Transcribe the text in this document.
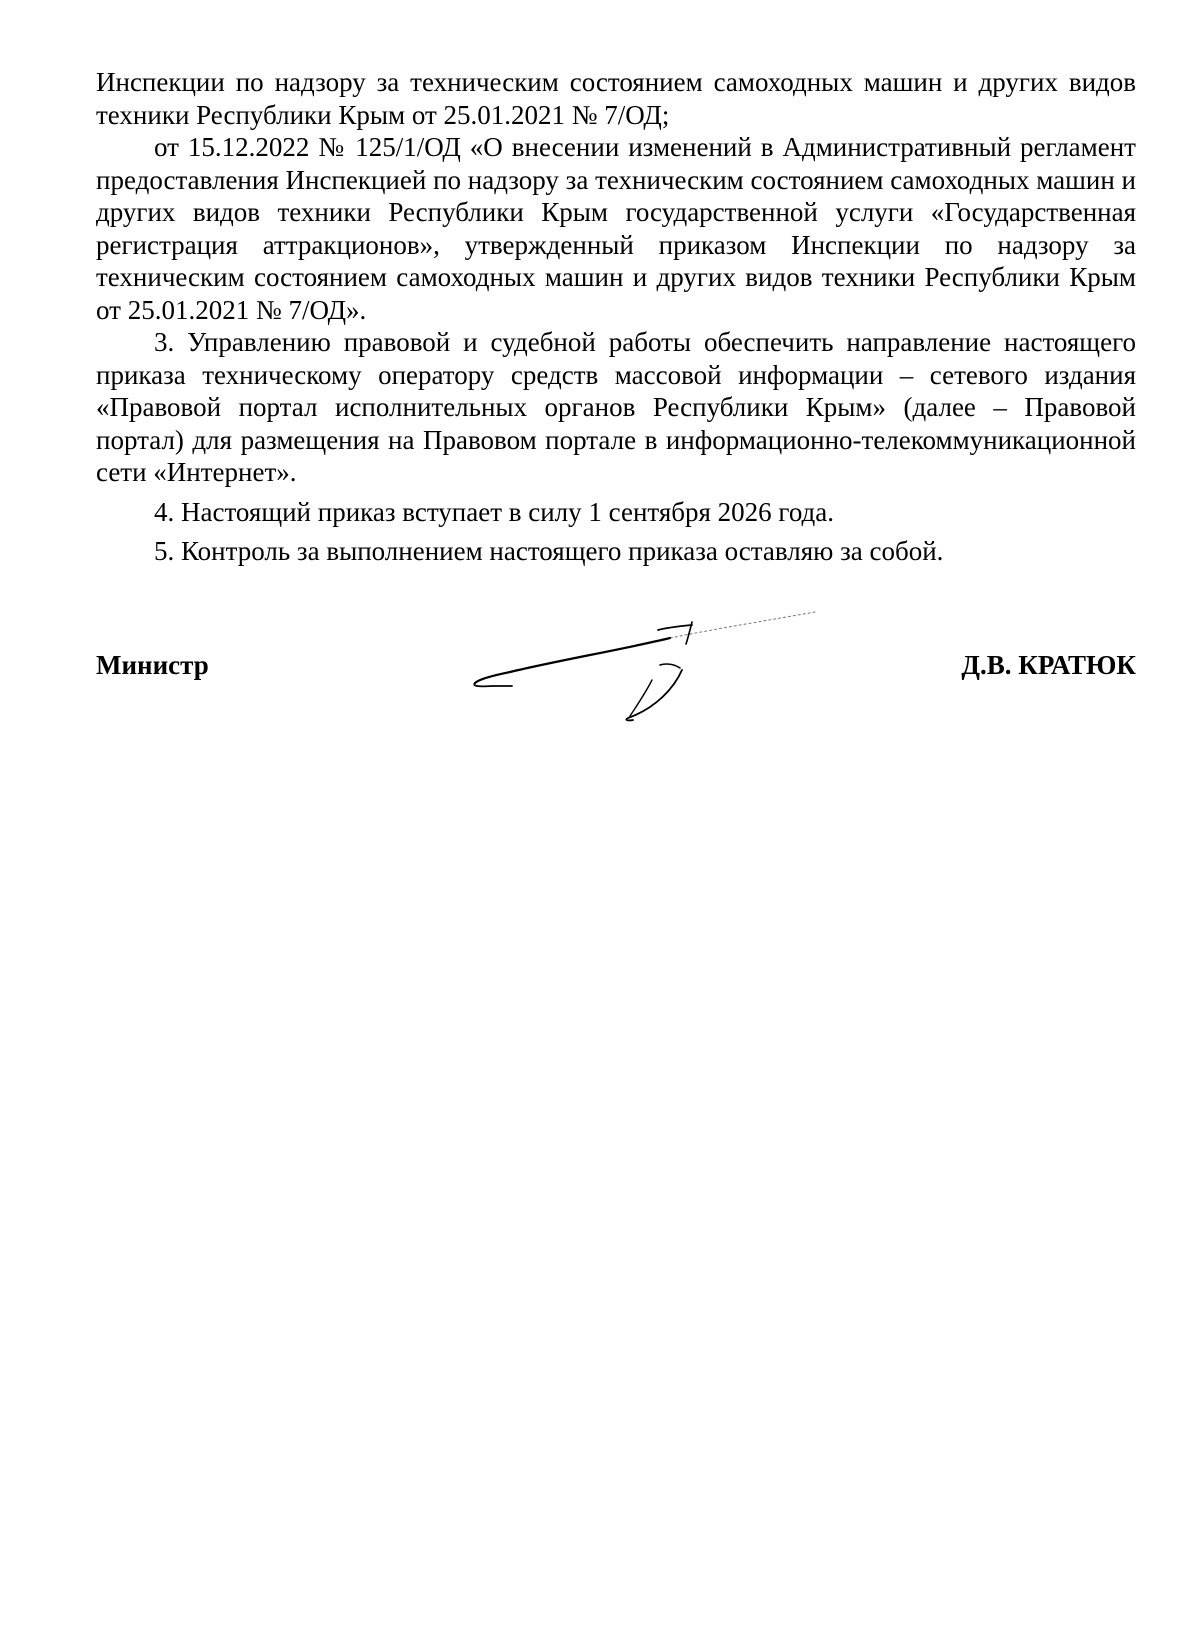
Инспекции по надзору за техническим состоянием самоходных машин и других видов техники Республики Крым от 25.01.2021 № 7/ОД;

от 15.12.2022 № 125/1/ОД «О внесении изменений в Административный регламент предоставления Инспекцией по надзору за техническим состоянием самоходных машин и других видов техники Республики Крым государственной услуги «Государственная регистрация аттракционов», утвержденный приказом Инспекции по надзору за техническим состоянием самоходных машин и других видов техники Республики Крым от 25.01.2021 № 7/ОД».

3. Управлению правовой и судебной работы обеспечить направление настоящего приказа техническому оператору средств массовой информации – сетевого издания «Правовой портал исполнительных органов Республики Крым» (далее – Правовой портал) для размещения на Правовом портале в информационно-телекоммуникационной сети «Интернет».

4. Настоящий приказ вступает в силу 1 сентября 2026 года.

5. Контроль за выполнением настоящего приказа оставляю за собой.

Министр	Д.В. КРАТЮК
